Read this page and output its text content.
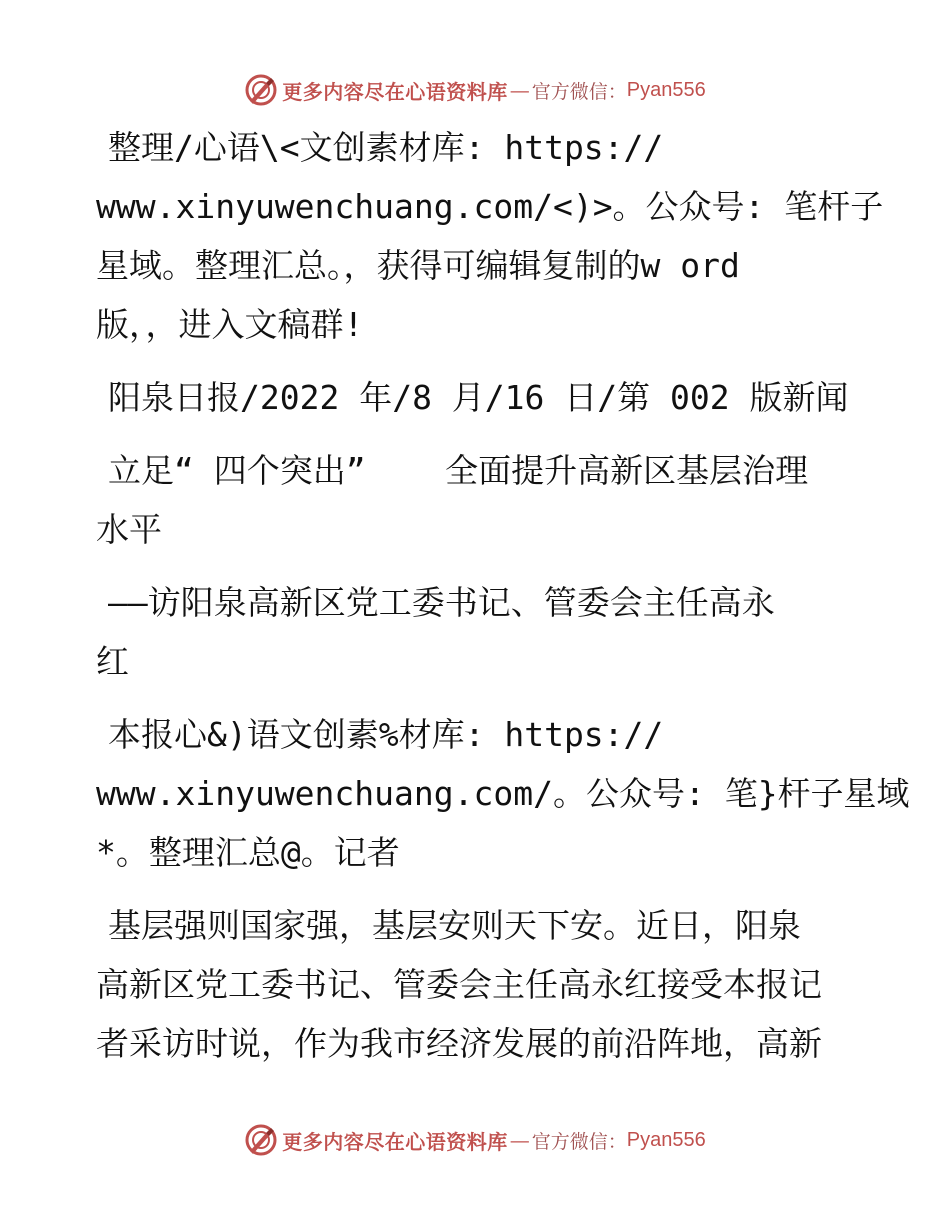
更多内容尽在心语资料库 — 官方微信： Pyan556
整理/心语\<文创素材库: https://
www.xinyuwenchuang.com/<)>。公众号: 笔杆子
星域。整理汇总。，获得可编辑复制的w ord
版，，进入文稿群!
阳泉日报/2022 年/8 月/16 日/第 002 版新闻
立足“ 四个突出”    全面提升高新区基层治理
水平
——访阳泉高新区党工委书记、管委会主任高永
红
本报心&)语文创素%材库: https://
www.xinyuwenchuang.com/。公众号: 笔}杆子星域
*。整理汇总@。记者
基层强则国家强，基层安则天下安。近日，阳泉
高新区党工委书记、管委会主任高永红接受本报记
者采访时说，作为我市经济发展的前沿阵地，高新
更多内容尽在心语资料库 — 官方微信： Pyan556
